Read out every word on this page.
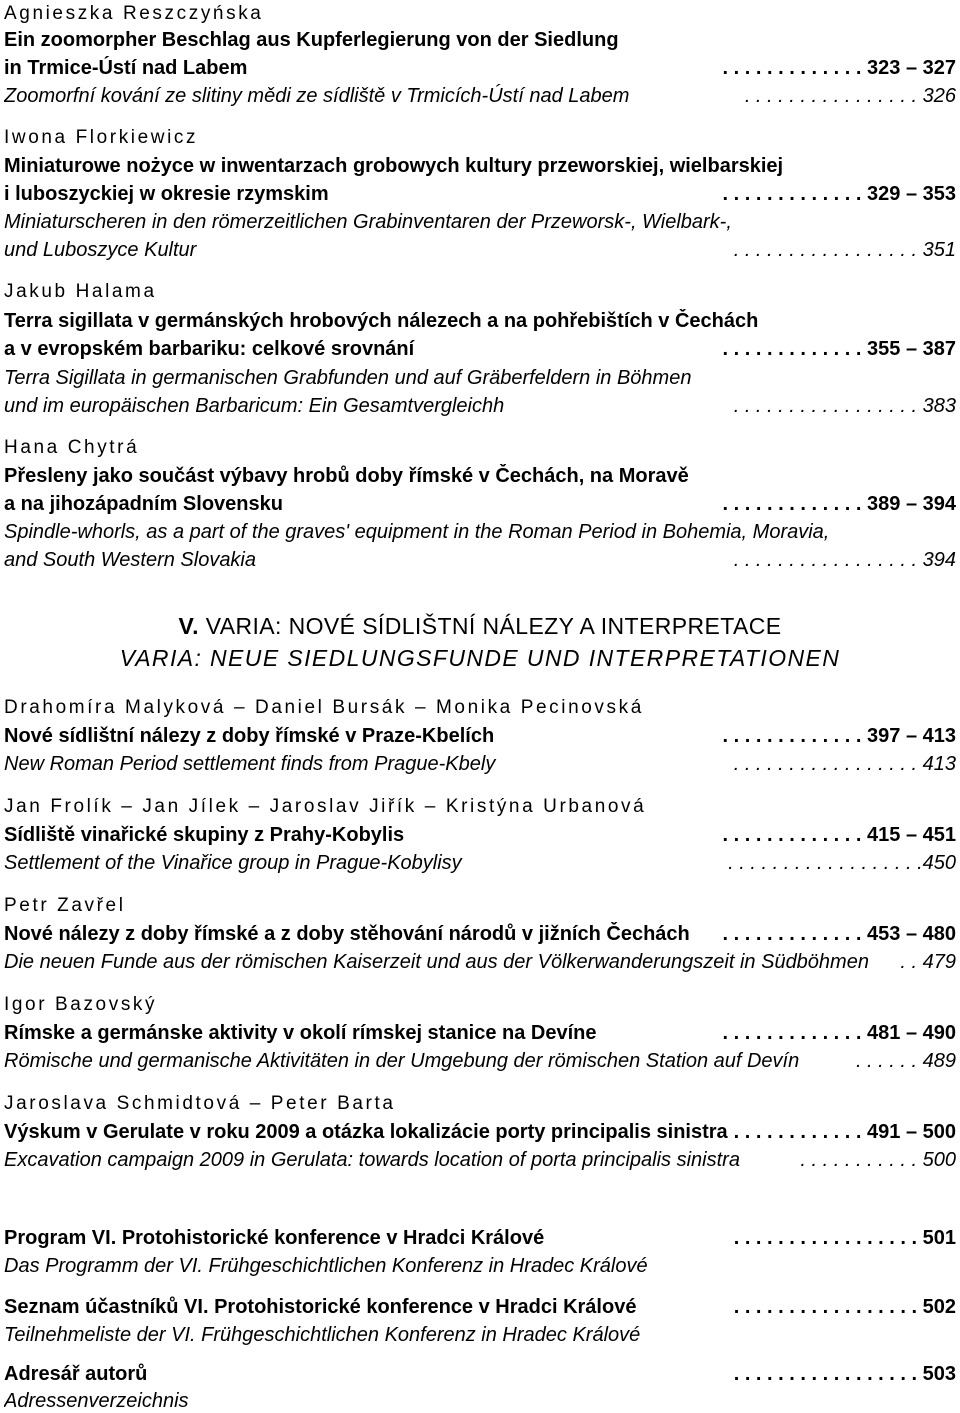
Agnieszka Reszczyńska
Ein zoomorpher Beschlag aus Kupferlegierung von der Siedlung
in Trmice-Ústí nad Labem	. . . . . . . . . . . . . 323 – 327
Zoomorfní kování ze slitiny mědi ze sídliště v Trmicích-Ústí nad Labem	. . . . . . . . . . . . . . . . 326
Iwona Florkiewicz
Miniaturowe nożyce w inwentarzach grobowych kultury przeworskiej, wielbarskiej
i luboszyckiej w okresie rzymskim	. . . . . . . . . . . . . 329 – 353
Miniaturscheren in den römerzeitlichen Grabinventaren der Przeworsk-, Wielbark-,
und Luboszyce Kultur	. . . . . . . . . . . . . . . . . 351
Jakub Halama
Terra sigillata v germánských hrobových nálezech a na pohřebištích v Čechách
a v evropském barbariku: celkové srovnání	. . . . . . . . . . . . . 355 – 387
Terra Sigillata in germanischen Grabfunden und auf Gräberfeldern in Böhmen
und im europäischen Barbaricum: Ein Gesamtvergleichh	. . . . . . . . . . . . . . . . . 383
Hana Chytrá
Přesleny jako součást výbavy hrobů doby římské v Čechách, na Moravě
a na jihozápadním Slovensku	. . . . . . . . . . . . . 389 – 394
Spindle-whorls, as a part of the graves' equipment in the Roman Period in Bohemia, Moravia,
and South Western Slovakia	. . . . . . . . . . . . . . . . . 394
V. VARIA: NOVÉ SÍDLIŠTNÍ NÁLEZY A INTERPRETACE
VARIA: NEUE SIEDLUNGSFUNDE UND INTERPRETATIONEN
Drahomíra Malyková – Daniel Bursák – Monika Pecinovská
Nové sídlištní nálezy z doby římské v Praze-Kbelích	. . . . . . . . . . . . . 397 – 413
New Roman Period settlement finds from Prague-Kbely	. . . . . . . . . . . . . . . . . 413
Jan Frolík – Jan Jílek – Jaroslav Jiřík – Kristýna Urbanová
Sídliště vinařické skupiny z Prahy-Kobylis	. . . . . . . . . . . . . 415 – 451
Settlement of the Vinařice group in Prague-Kobylisy	. . . . . . . . . . . . . . . . . .450
Petr Zavřel
Nové nálezy z doby římské a z doby stěhování národů v jižních Čechách . . . . . . . . . . . . . 453 – 480
Die neuen Funde aus der römischen Kaiserzeit und aus der Völkerwanderungszeit in Südböhmen . . 479
Igor Bazovský
Rímske a germánske aktivity v okolí rímskej stanice na Devíne	. . . . . . . . . . . . . 481 – 490
Römische und germanische Aktivitäten in der Umgebung der römischen Station auf Devín	. . . . . . 489
Jaroslava Schmidtová – Peter Barta
Výskum v Gerulate v roku 2009 a otázka lokalizácie porty principalis sinistra . . . . . . . . . . . . 491 – 500
Excavation campaign 2009 in Gerulata: towards location of porta principalis sinistra	. . . . . . . . . . . 500
Program VI. Protohistorické konference v Hradci Králové	. . . . . . . . . . . . . . . . . 501
Das Programm der VI. Frühgeschichtlichen Konferenz in Hradec Králové
Seznam účastníků VI. Protohistorické konference v Hradci Králové	. . . . . . . . . . . . . . . . . 502
Teilnehmeliste der VI. Frühgeschichtlichen Konferenz in Hradec Králové
Adresář autorů	. . . . . . . . . . . . . . . . . 503
Adressenverzeichnis
